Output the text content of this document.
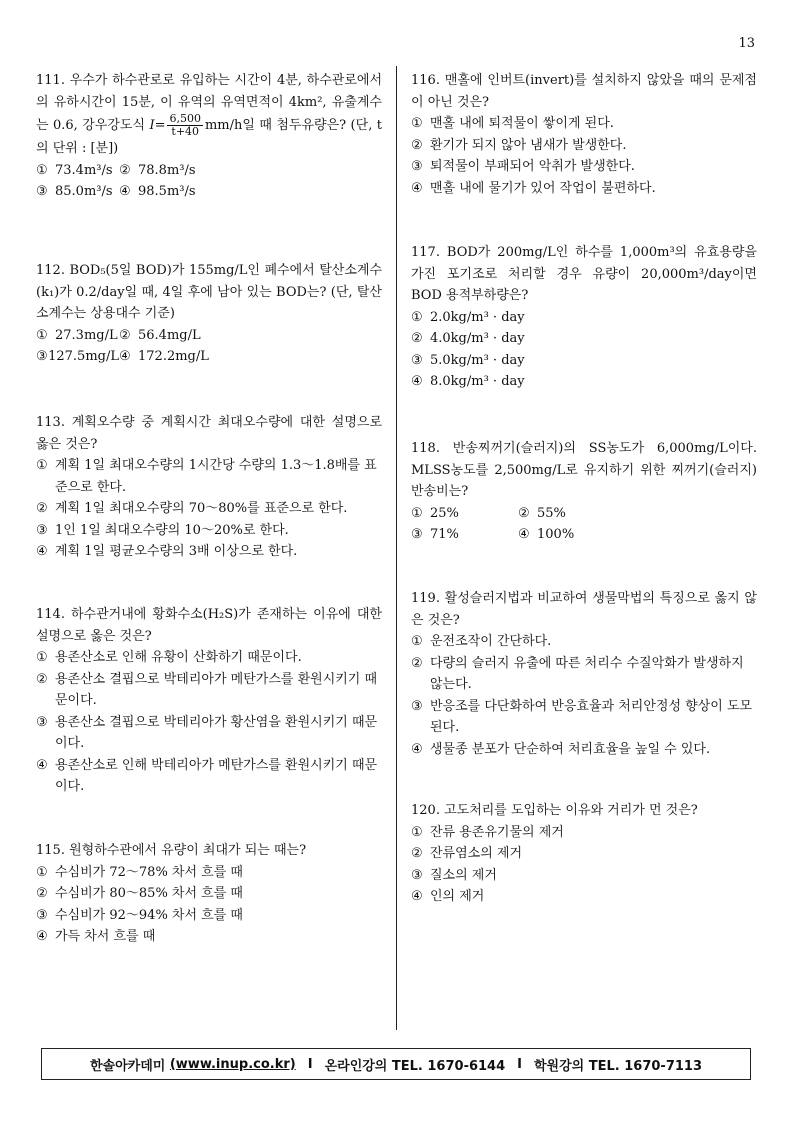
13
111. 우수가 하수관로로 유입하는 시간이 4분, 하수관로에서의 유하시간이 15분, 이 유역의 유역면적이 4km², 유출계수는 0.6, 강우강도식 $I= \frac{6,500}{t+40} mm/h$일 때 첨두유량은? (단, t의 단위 : [분])
① 73.4m³/s ② 78.8m³/s
③ 85.0m³/s ④ 98.5m³/s
112. BOD₅(5일 BOD)가 155mg/L인 폐수에서 탈산소계수(k₁)가 0.2/day일 때, 4일 후에 남아 있는 BOD는? (단, 탈산소계수는 상용대수 기준)
① 27.3mg/L ② 56.4mg/L
③ 127.5mg/L ④ 172.2mg/L
113. 계획오수량 중 계획시간 최대오수량에 대한 설명으로 옳은 것은?
① 계획 1일 최대오수량의 1시간당 수량의 1.3～1.8배를 표준으로 한다.
② 계획 1일 최대오수량의 70～80%를 표준으로 한다.
③ 1인 1일 최대오수량의 10～20%로 한다.
④ 계획 1일 평균오수량의 3배 이상으로 한다.
114. 하수관거내에 황화수소(H₂S)가 존재하는 이유에 대한 설명으로 옳은 것은?
① 용존산소로 인해 유황이 산화하기 때문이다.
② 용존산소 결핍으로 박테리아가 메탄가스를 환원시키기 때문이다.
③ 용존산소 결핍으로 박테리아가 황산염을 환원시키기 때문이다.
④ 용존산소로 인해 박테리아가 메탄가스를 환원시키기 때문이다.
115. 원형하수관에서 유량이 최대가 되는 때는?
① 수심비가 72～78% 차서 흐를 때
② 수심비가 80～85% 차서 흐를 때
③ 수심비가 92～94% 차서 흐를 때
④ 가득 차서 흐를 때
116. 맨홀에 인버트(invert)를 설치하지 않았을 때의 문제점이 아닌 것은?
① 맨홀 내에 퇴적물이 쌓이게 된다.
② 환기가 되지 않아 냄새가 발생한다.
③ 퇴적물이 부패되어 악취가 발생한다.
④ 맨홀 내에 물기가 있어 작업이 불편하다.
117. BOD가 200mg/L인 하수를 1,000m³의 유효용량을 가진 포기조로 처리할 경우 유량이 20,000m³/day이면 BOD 용적부하량은?
① 2.0kg/m³ · day
② 4.0kg/m³ · day
③ 5.0kg/m³ · day
④ 8.0kg/m³ · day
118. 반송찌꺼기(슬러지)의 SS농도가 6,000mg/L이다. MLSS농도를 2,500mg/L로 유지하기 위한 찌꺼기(슬러지) 반송비는?
① 25%	② 55%
③ 71%	④ 100%
119. 활성슬러지법과 비교하여 생물막법의 특징으로 옳지 않은 것은?
① 운전조작이 간단하다.
② 다량의 슬러지 유출에 따른 처리수 수질악화가 발생하지 않는다.
③ 반응조를 다단화하여 반응효율과 처리안정성 향상이 도모된다.
④ 생물종 분포가 단순하여 처리효율을 높일 수 있다.
120. 고도처리를 도입하는 이유와 거리가 먼 것은?
① 잔류 용존유기물의 제거
② 잔류염소의 제거
③ 질소의 제거
④ 인의 제거
한솔아카데미
(www.inup.co.kr) I 온라인강의 TEL. 1670-6144 I 학원강의 TEL. 1670-7113
